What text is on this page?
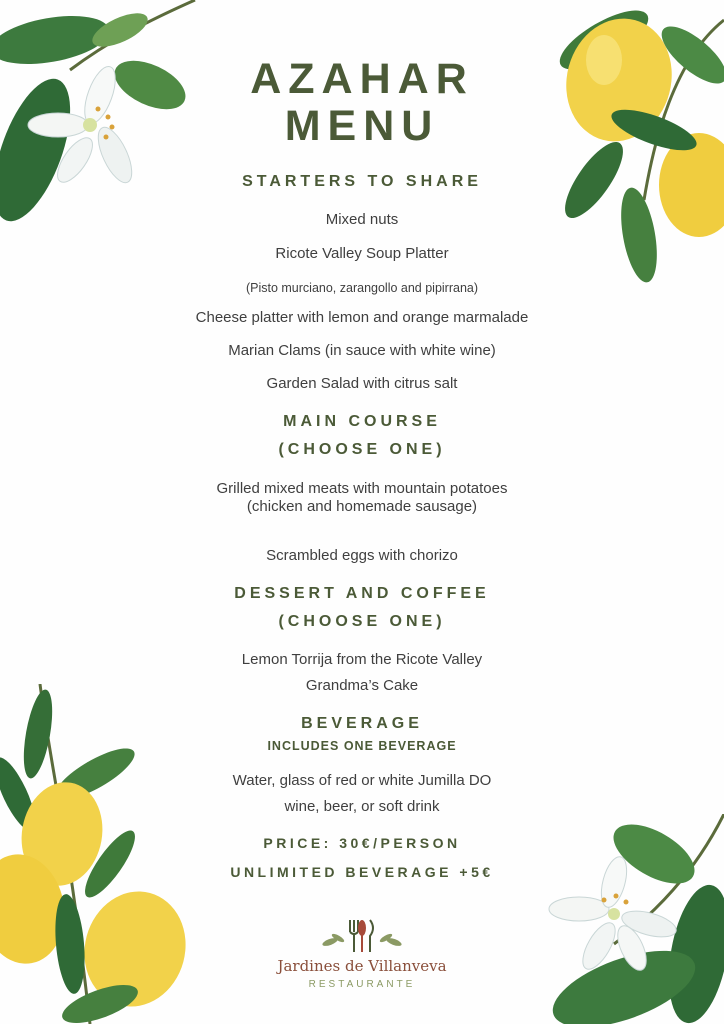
AZAHAR
MENU
STARTERS TO SHARE
Mixed nuts
Ricote Valley Soup Platter
(Pisto murciano, zarangollo and pipirrana)
Cheese platter with lemon and orange marmalade
Marian Clams (in sauce with white wine)
Garden Salad with citrus salt
MAIN COURSE
(CHOOSE ONE)
Grilled mixed meats with mountain potatoes (chicken and homemade sausage)
Scrambled eggs with chorizo
DESSERT AND COFFEE
(CHOOSE ONE)
Lemon Torrija from the Ricote Valley
Grandma’s Cake
BEVERAGE
INCLUDES ONE BEVERAGE
Water, glass of red or white Jumilla DO
wine, beer, or soft drink
PRICE: 30€/PERSON
UNLIMITED BEVERAGE +5€
Jardines de Villanveva
RESTAURANTE
